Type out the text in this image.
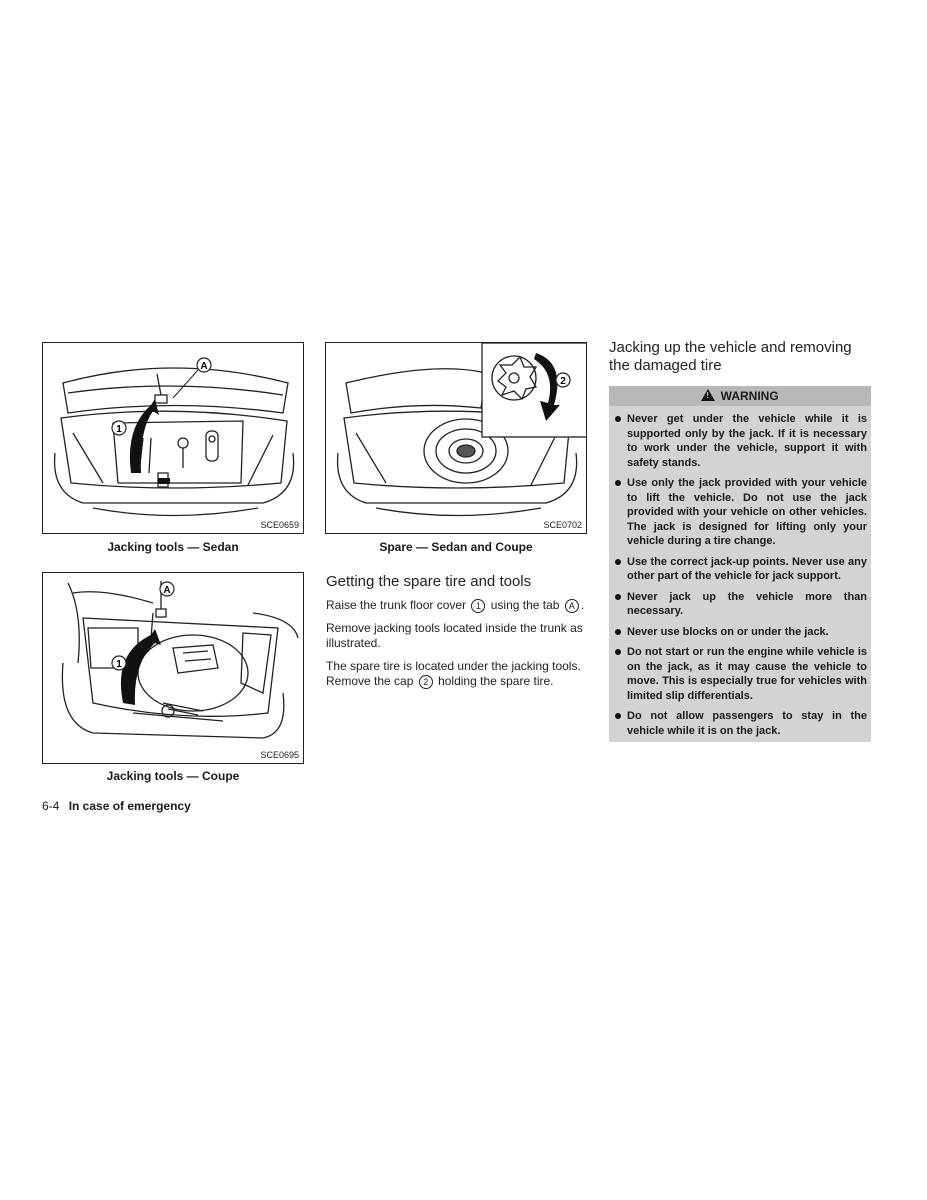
A
1
SCE0659
Jacking tools — Sedan
2
SCE0702
Spare — Sedan and Coupe
A
1
SCE0695
Jacking tools — Coupe
Getting the spare tire and tools

Raise the trunk floor cover 1 using the tab A .

Remove jacking tools located inside the trunk as illustrated.

The spare tire is located under the jacking tools. Remove the cap 2 holding the spare tire.

Jacking up the vehicle and removing the damaged tire
! WARNING
Never get under the vehicle while it is supported only by the jack. If it is necessary to work under the vehicle, support it with safety stands.
Use only the jack provided with your vehicle to lift the vehicle. Do not use the jack provided with your vehicle on other vehicles. The jack is designed for lifting only your vehicle during a tire change.
Use the correct jack-up points. Never use any other part of the vehicle for jack support.
Never jack up the vehicle more than necessary.
Never use blocks on or under the jack.
Do not start or run the engine while vehicle is on the jack, as it may cause the vehicle to move. This is especially true for vehicles with limited slip differentials.
Do not allow passengers to stay in the vehicle while it is on the jack.
6-4 In case of emergency
